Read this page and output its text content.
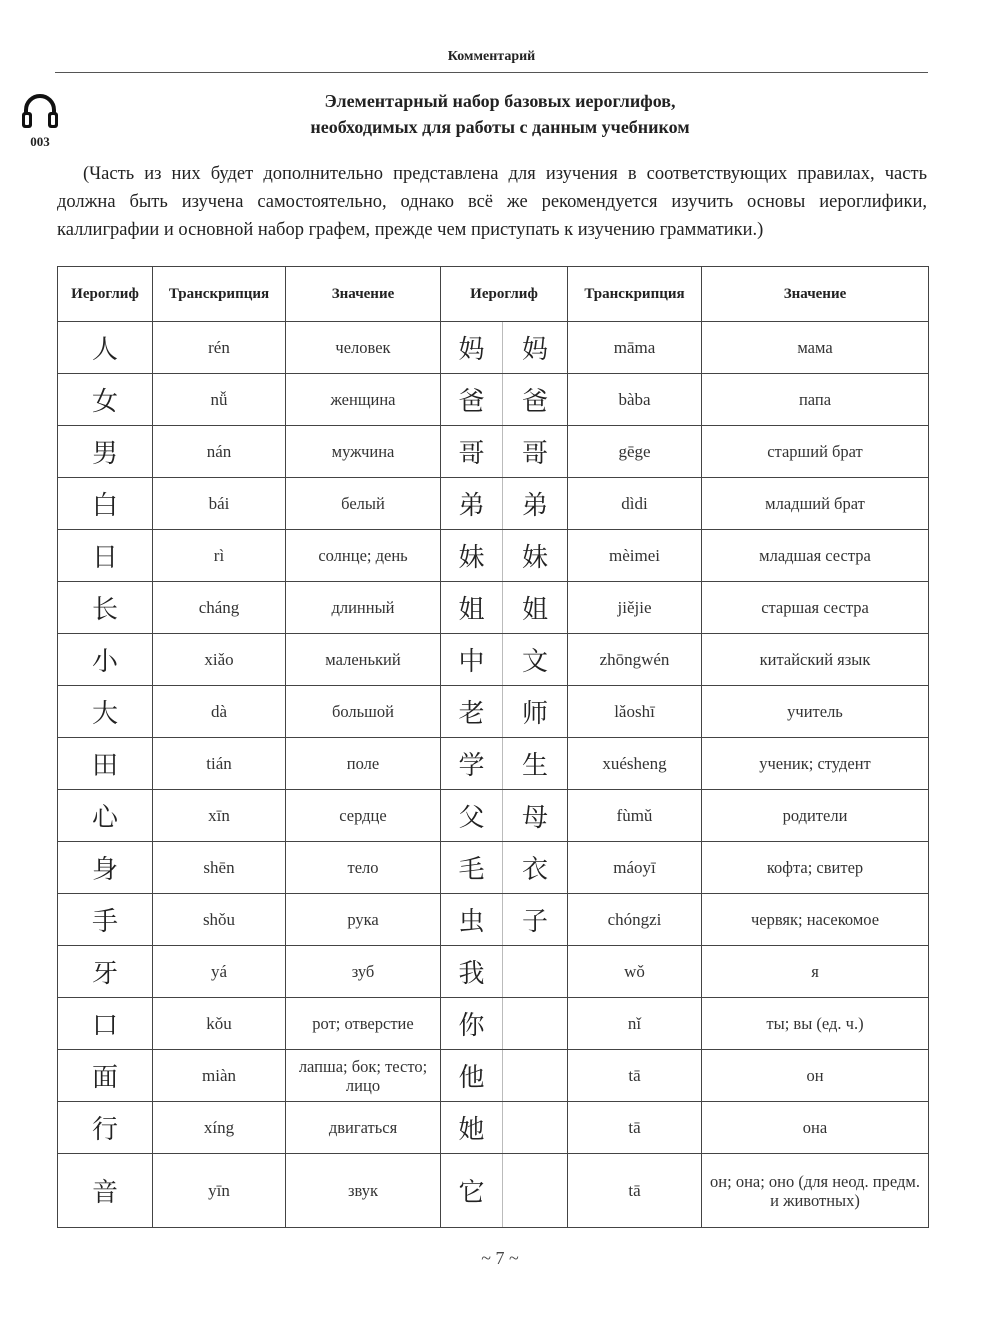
Комментарий
003
Элементарный набор базовых иероглифов,
необходимых для работы с данным учебником
(Часть из них будет дополнительно представлена для изучения в соответствующих правилах, часть должна быть изучена самостоятельно, однако всё же рекомендуется изучить основы иероглифики, каллиграфии и основной набор графем, прежде чем приступать к изучению грамматики.)
Иероглиф	Транскрипция	Значение	Иероглиф		Транскрипция	Значение
人	rén	человек	妈	妈	māma	мама
女	nǚ	женщина	爸	爸	bàba	папа
男	nán	мужчина	哥	哥	gēge	старший брат
白	bái	белый	弟	弟	dìdi	младший брат
日	rì	солнце; день	妹	妹	mèimei	младшая сестра
长	cháng	длинный	姐	姐	jiějie	старшая сестра
小	xiǎo	маленький	中	文	zhōngwén	китайский язык
大	dà	большой	老	师	lǎoshī	учитель
田	tián	поле	学	生	xuésheng	ученик; студент
心	xīn	сердце	父	母	fùmǔ	родители
身	shēn	тело	毛	衣	máoyī	кофта; свитер
手	shǒu	рука	虫	子	chóngzi	червяк; насекомое
牙	yá	зуб	我		wǒ	я
口	kǒu	рот; отверстие	你		nǐ	ты; вы (ед. ч.)
面	miàn	лапша; бок; тесто; лицо	他		tā	он
行	xíng	двигаться	她		tā	она
音	yīn	звук	它		tā	он; она; оно (для неод. предм. и животных)
~ 7 ~
